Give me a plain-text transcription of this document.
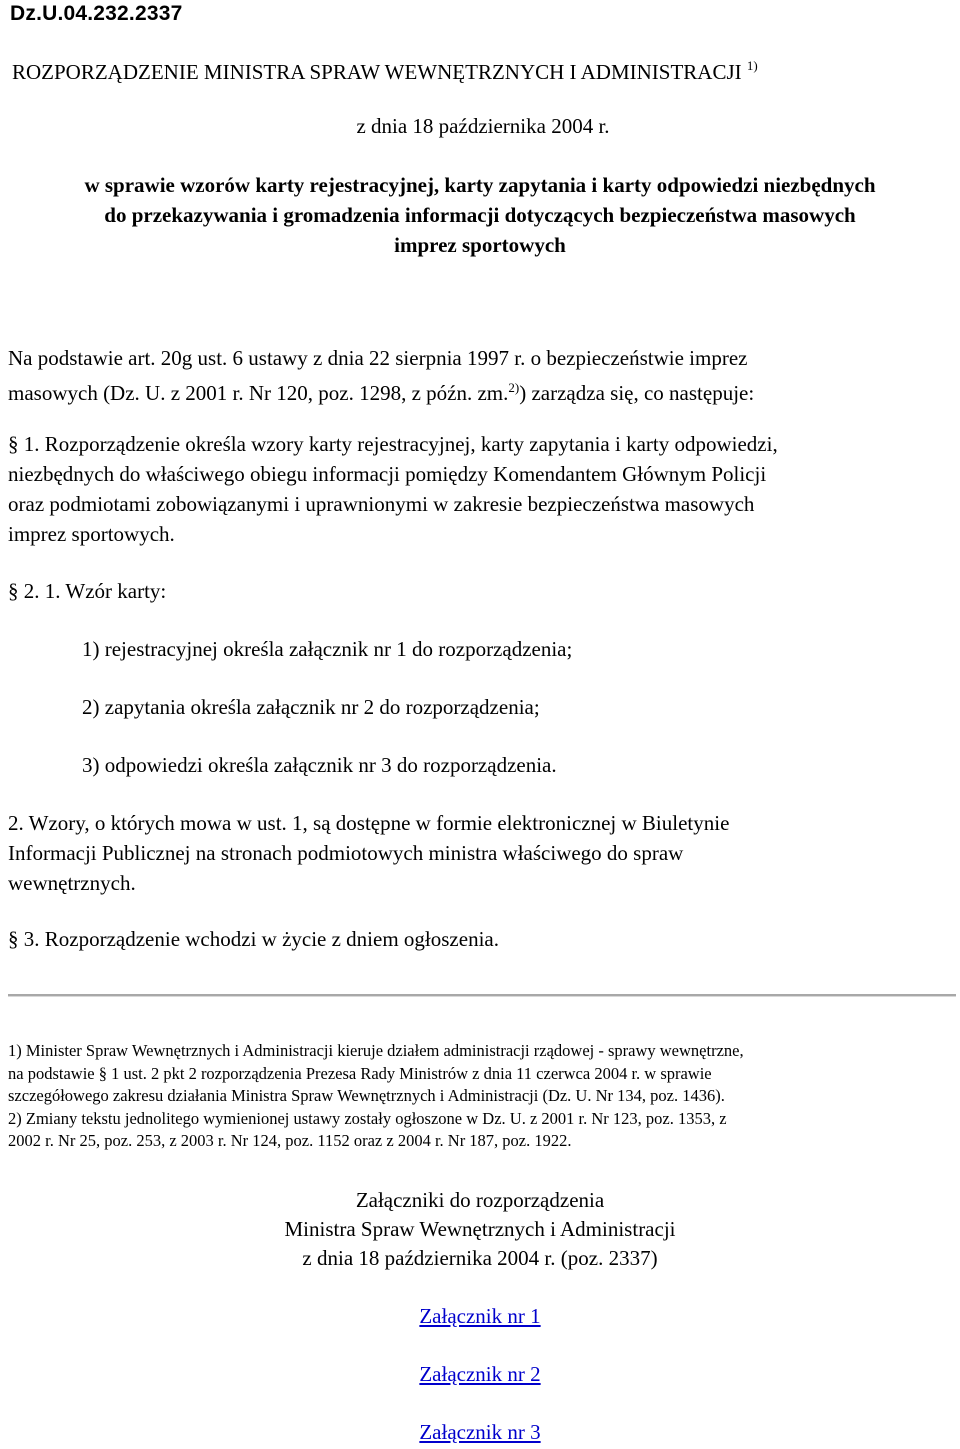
Dz.U.04.232.2337
ROZPORZĄDZENIE MINISTRA SPRAW WEWNĘTRZNYCH I ADMINISTRACJI $^{1)}$
z dnia 18 października 2004 r.
w sprawie wzorów karty rejestracyjnej, karty zapytania i karty odpowiedzi niezbędnych
do przekazywania i gromadzenia informacji dotyczących bezpieczeństwa masowych
imprez sportowych
Na podstawie art. 20g ust. 6 ustawy z dnia 22 sierpnia 1997 r. o bezpieczeństwie imprez
masowych (Dz. U. z 2001 r. Nr 120, poz. 1298, z późn. zm.$^{2)}$) zarządza się, co następuje:
§ 1. Rozporządzenie określa wzory karty rejestracyjnej, karty zapytania i karty odpowiedzi,
niezbędnych do właściwego obiegu informacji pomiędzy Komendantem Głównym Policji
oraz podmiotami zobowiązanymi i uprawnionymi w zakresie bezpieczeństwa masowych
imprez sportowych.
§ 2. 1. Wzór karty:
1) rejestracyjnej określa załącznik nr 1 do rozporządzenia;
2) zapytania określa załącznik nr 2 do rozporządzenia;
3) odpowiedzi określa załącznik nr 3 do rozporządzenia.
2. Wzory, o których mowa w ust. 1, są dostępne w formie elektronicznej w Biuletynie
Informacji Publicznej na stronach podmiotowych ministra właściwego do spraw
wewnętrznych.
§ 3. Rozporządzenie wchodzi w życie z dniem ogłoszenia.
1) Minister Spraw Wewnętrznych i Administracji kieruje działem administracji rządowej - sprawy wewnętrzne,
na podstawie § 1 ust. 2 pkt 2 rozporządzenia Prezesa Rady Ministrów z dnia 11 czerwca 2004 r. w sprawie
szczegółowego zakresu działania Ministra Spraw Wewnętrznych i Administracji (Dz. U. Nr 134, poz. 1436).
2) Zmiany tekstu jednolitego wymienionej ustawy zostały ogłoszone w Dz. U. z 2001 r. Nr 123, poz. 1353, z
2002 r. Nr 25, poz. 253, z 2003 r. Nr 124, poz. 1152 oraz z 2004 r. Nr 187, poz. 1922.
Załączniki do rozporządzenia
Ministra Spraw Wewnętrznych i Administracji
z dnia 18 października 2004 r. (poz. 2337)
Załącznik nr 1
Załącznik nr 2
Załącznik nr 3
